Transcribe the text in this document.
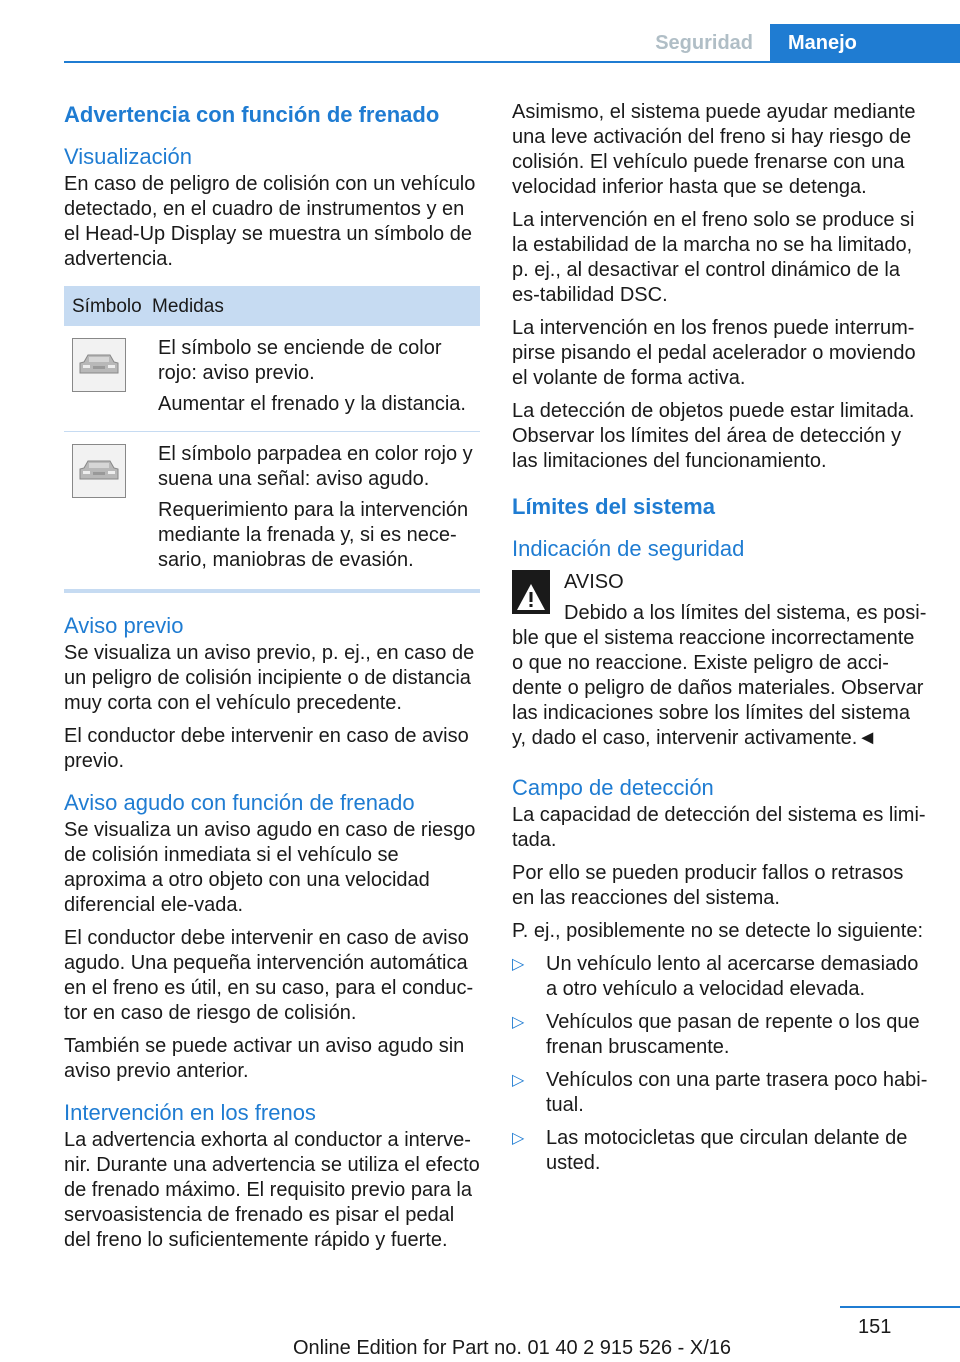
Seguridad	Manejo
Advertencia con función de frenado
Visualización

En caso de peligro de colisión con un vehículo detectado, en el cuadro de instrumentos y en el Head-Up Display se muestra un símbolo de advertencia.

Símbolo Medidas

El símbolo se enciende de color rojo: aviso previo.

Aumentar el frenado y la distancia.

El símbolo parpadea en color rojo y suena una señal: aviso agudo.

Requerimiento para la intervención mediante la frenada y, si es nece-sario, maniobras de evasión.

Aviso previo

Se visualiza un aviso previo, p. ej., en caso de un peligro de colisión incipiente o de distancia muy corta con el vehículo precedente.

El conductor debe intervenir en caso de aviso previo.

Aviso agudo con función de frenado

Se visualiza un aviso agudo en caso de riesgo de colisión inmediata si el vehículo se aproxima a otro objeto con una velocidad diferencial ele-vada.

El conductor debe intervenir en caso de aviso agudo. Una pequeña intervención automática en el freno es útil, en su caso, para el conduc-tor en caso de riesgo de colisión.

También se puede activar un aviso agudo sin aviso previo anterior.

Intervención en los frenos

La advertencia exhorta al conductor a interve-nir. Durante una advertencia se utiliza el efecto de frenado máximo. El requisito previo para la servoasistencia de frenado es pisar el pedal del freno lo suficientemente rápido y fuerte.

Asimismo, el sistema puede ayudar mediante una leve activación del freno si hay riesgo de colisión. El vehículo puede frenarse con una velocidad inferior hasta que se detenga.

La intervención en el freno solo se produce si la estabilidad de la marcha no se ha limitado, p. ej., al desactivar el control dinámico de la es-tabilidad DSC.

La intervención en los frenos puede interrum-pirse pisando el pedal acelerador o moviendo el volante de forma activa.

La detección de objetos puede estar limitada. Observar los límites del área de detección y las limitaciones del funcionamiento.

Límites del sistema
Indicación de seguridad
AVISO

Debido a los límites del sistema, es posi-ble que el sistema reaccione incorrectamente o que no reaccione. Existe peligro de acci-dente o peligro de daños materiales. Observar las indicaciones sobre los límites del sistema y, dado el caso, intervenir activamente.◄

Campo de detección

La capacidad de detección del sistema es limi-tada.

Por ello se pueden producir fallos o retrasos en las reacciones del sistema.

P. ej., posiblemente no se detecte lo siguiente:

▷ Un vehículo lento al acercarse demasiado a otro vehículo a velocidad elevada.
▷ Vehículos que pasan de repente o los que frenan bruscamente.
▷ Vehículos con una parte trasera poco habi-tual.
▷ Las motocicletas que circulan delante de usted.
151
Online Edition for Part no. 01 40 2 915 526 - X/16
